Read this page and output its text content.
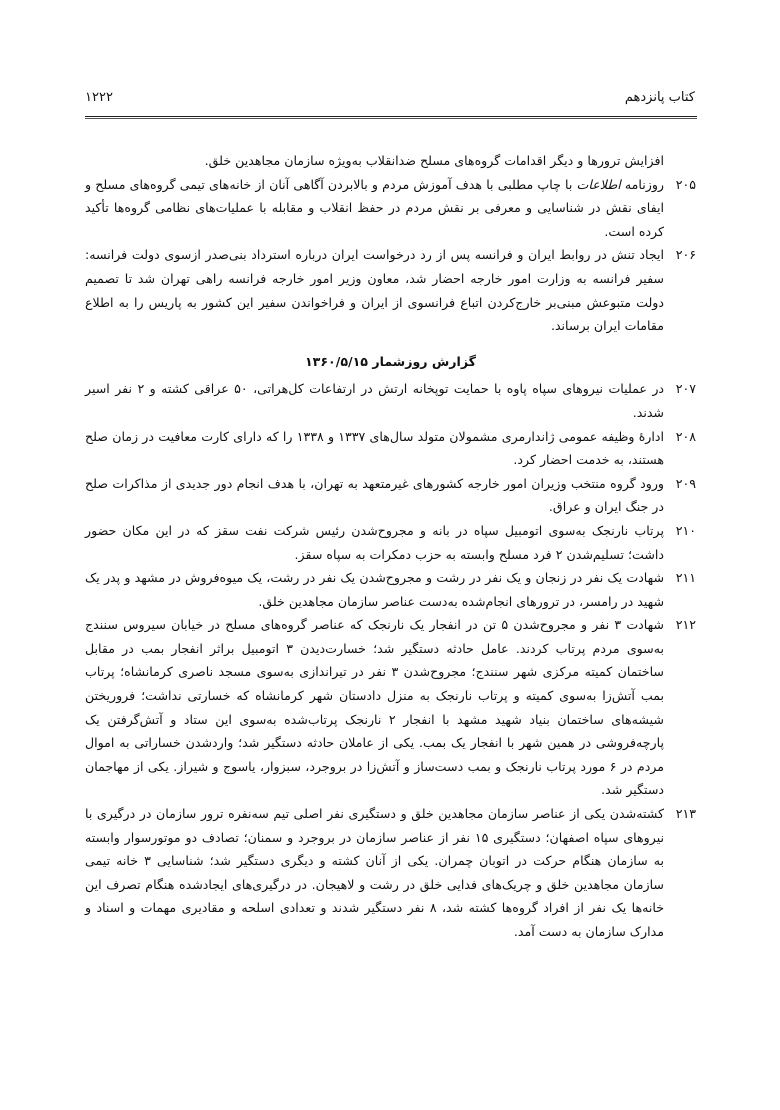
کتاب پانزدهم
۱۲۲۲

افزایش ترورها و دیگر اقدامات گروه‌های مسلح ضدانقلاب به‌ویژه سازمان مجاهدین خلق.

۲۰۵
روزنامه اطلاعات با چاپ مطلبی با هدف آموزش مردم و بالابردن آگاهی آنان از خانه‌های تیمی گروه‌های مسلح و ایفای نقش در شناسایی و معرفی بر نقش مردم در حفظ انقلاب و مقابله با عملیات‌های نظامی گروه‌ها تأکید کرده است.
۲۰۶
ایجاد تنش در روابط ایران و فرانسه پس از رد درخواست ایران درباره استرداد بنی‌صدر ازسوی دولت فرانسه: سفیر فرانسه به وزارت امور خارجه احضار شد، معاون وزیر امور خارجه فرانسه راهی تهران شد تا تصمیم دولت متبوعش مبنی‌بر خارج‌کردن اتباع فرانسوی از ایران و فراخواندن سفیر این کشور به پاریس را به اطلاع مقامات ایران برساند.
گزارش روزشمار ۱۳۶۰/۵/۱۵
۲۰۷
در عملیات نیروهای سپاه پاوه با حمایت توپخانه ارتش در ارتفاعات کل‌هراتی، ۵۰ عراقی کشته و ۲ نفر اسیر شدند.
۲۰۸
ادارهٔ وظیفه عمومی ژاندارمری مشمولان متولد سال‌های ۱۳۳۷ و ۱۳۳۸ را که دارای کارت معافیت در زمان صلح هستند، به خدمت احضار کرد.
۲۰۹
ورود گروه منتخب وزیران امور خارجه کشورهای غیرمتعهد به تهران، با هدف انجام دور جدیدی از مذاکرات صلح در جنگ ایران و عراق.
۲۱۰
پرتاب نارنجک به‌سوی اتومبیل سپاه در بانه و مجروح‌شدن رئیس شرکت نفت سقز که در این مکان حضور داشت؛ تسلیم‌شدن ۲ فرد مسلح وابسته به حزب دمکرات به سپاه سقز.
۲۱۱
شهادت یک نفر در زنجان و یک نفر در رشت و مجروح‌شدن یک نفر در رشت، یک میوه‌فروش در مشهد و پدر یک شهید در رامسر، در ترورهای انجام‌شده به‌دست عناصر سازمان مجاهدین خلق.
۲۱۲
شهادت ۳ نفر و مجروح‌شدن ۵ تن در انفجار یک نارنجک که عناصر گروه‌های مسلح در خیابان سیروس سنندج به‌سوی مردم پرتاب کردند. عامل حادثه دستگیر شد؛ خسارت‌دیدن ۳ اتومبیل براثر انفجار بمب در مقابل ساختمان کمیته مرکزی شهر سنندج؛ مجروح‌شدن ۳ نفر در تیراندازی به‌سوی مسجد ناصری کرمانشاه؛ پرتاب بمب آتش‌زا به‌سوی کمیته و پرتاب نارنجک به منزل دادستان شهر کرمانشاه که خسارتی نداشت؛ فروریختن شیشه‌های ساختمان بنیاد شهید مشهد با انفجار ۲ نارنجک پرتاب‌شده به‌سوی این ستاد و آتش‌گرفتن یک پارچه‌فروشی در همین شهر با انفجار یک بمب. یکی از عاملان حادثه دستگیر شد؛ واردشدن خساراتی به اموال مردم در ۶ مورد پرتاب نارنجک و بمب دست‌ساز و آتش‌زا در بروجرد، سبزوار، یاسوج و شیراز. یکی از مهاجمان دستگیر شد.
۲۱۳
کشته‌شدن یکی از عناصر سازمان مجاهدین خلق و دستگیری نفر اصلی تیم سه‌نفره ترور سازمان در درگیری با نیروهای سپاه اصفهان؛ دستگیری ۱۵ نفر از عناصر سازمان در بروجرد و سمنان؛ تصادف دو موتورسوار وابسته به سازمان هنگام حرکت در اتوبان چمران. یکی از آنان کشته و دیگری دستگیر شد؛ شناسایی ۳ خانه تیمی سازمان مجاهدین خلق و چریک‌های فدایی خلق در رشت و لاهیجان. در درگیری‌های ایجادشده هنگام تصرف این خانه‌ها یک نفر از افراد گروه‌ها کشته شد، ۸ نفر دستگیر شدند و تعدادی اسلحه و مقادیری مهمات و اسناد و مدارک سازمان به دست آمد.
